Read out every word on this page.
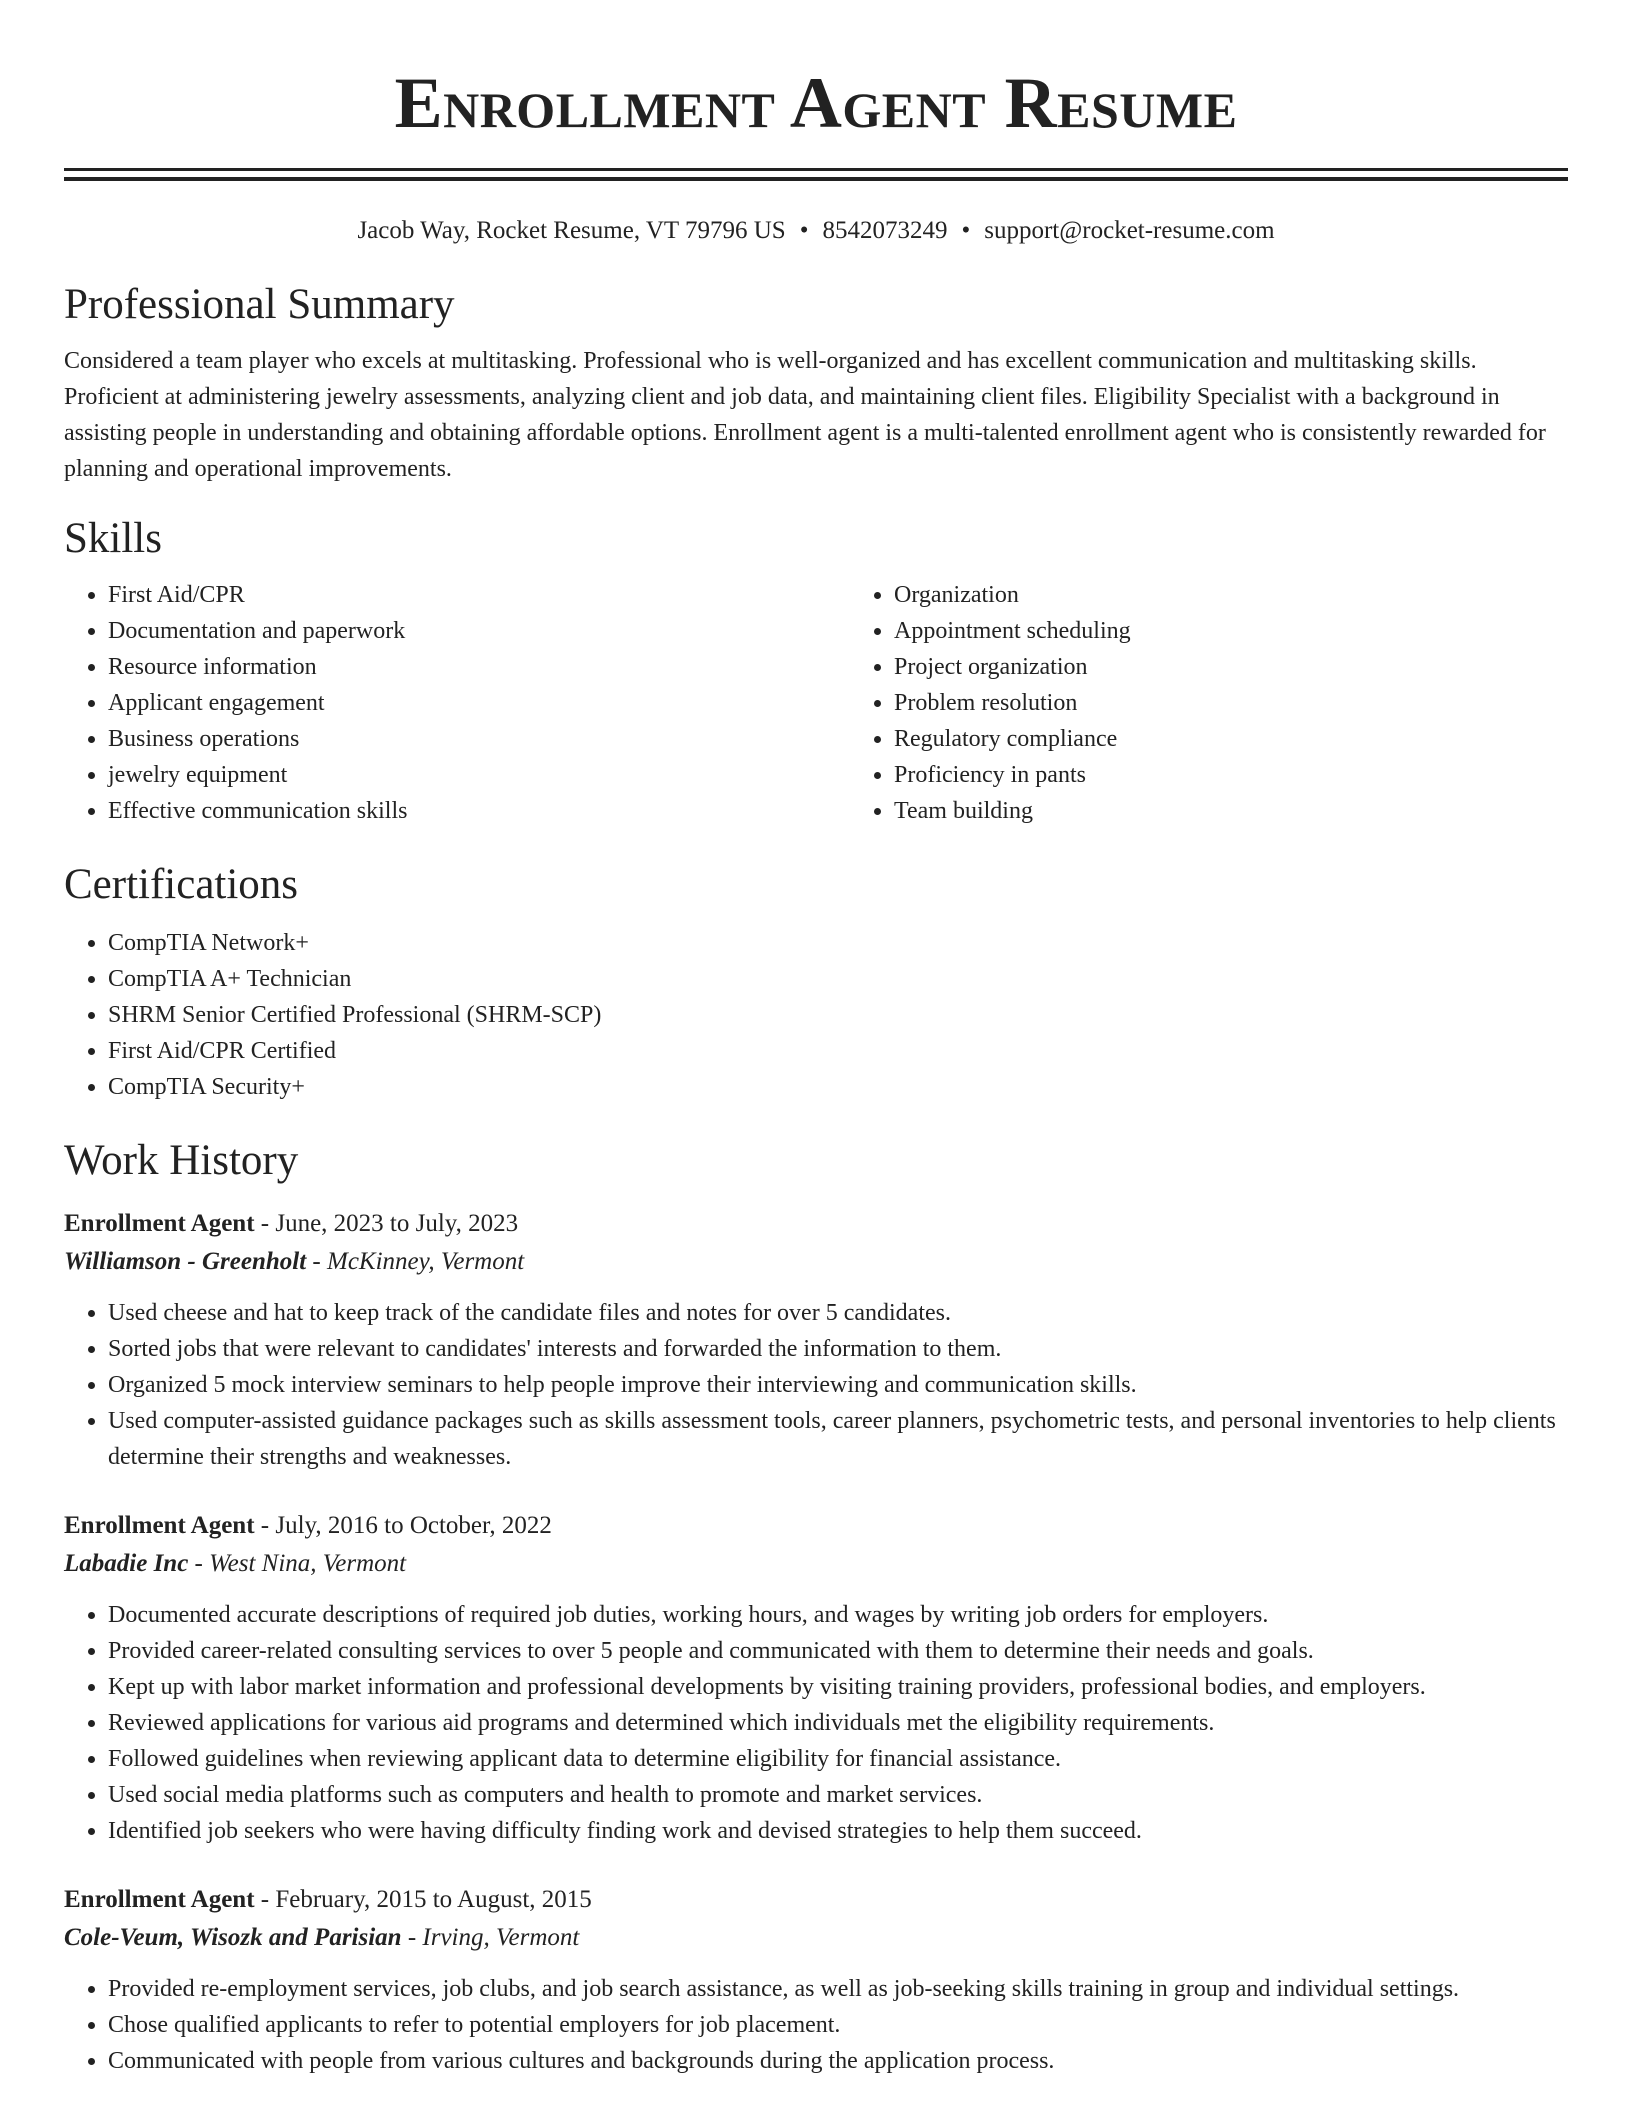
Enrollment Agent Resume
Jacob Way, Rocket Resume, VT 79796 US • 8542073249 • support@rocket-resume.com
Professional Summary

Considered a team player who excels at multitasking. Professional who is well-organized and has excellent communication and multitasking skills. Proficient at administering jewelry assessments, analyzing client and job data, and maintaining client files. Eligibility Specialist with a background in assisting people in understanding and obtaining affordable options. Enrollment agent is a multi-talented enrollment agent who is consistently rewarded for planning and operational improvements.

Skills
• First Aid/CPR
• Documentation and paperwork
• Resource information
• Applicant engagement
• Business operations
• jewelry equipment
• Effective communication skills
• Organization
• Appointment scheduling
• Project organization
• Problem resolution
• Regulatory compliance
• Proficiency in pants
• Team building
Certifications
• CompTIA Network+
• CompTIA A+ Technician
• SHRM Senior Certified Professional (SHRM-SCP)
• First Aid/CPR Certified
• CompTIA Security+
Work History
Enrollment Agent - June, 2023 to July, 2023
Williamson - Greenholt - McKinney, Vermont
• Used cheese and hat to keep track of the candidate files and notes for over 5 candidates.
• Sorted jobs that were relevant to candidates' interests and forwarded the information to them.
• Organized 5 mock interview seminars to help people improve their interviewing and communication skills.
• Used computer-assisted guidance packages such as skills assessment tools, career planners, psychometric tests, and personal inventories to help clients determine their strengths and weaknesses.
Enrollment Agent - July, 2016 to October, 2022
Labadie Inc - West Nina, Vermont
• Documented accurate descriptions of required job duties, working hours, and wages by writing job orders for employers.
• Provided career-related consulting services to over 5 people and communicated with them to determine their needs and goals.
• Kept up with labor market information and professional developments by visiting training providers, professional bodies, and employers.
• Reviewed applications for various aid programs and determined which individuals met the eligibility requirements.
• Followed guidelines when reviewing applicant data to determine eligibility for financial assistance.
• Used social media platforms such as computers and health to promote and market services.
• Identified job seekers who were having difficulty finding work and devised strategies to help them succeed.
Enrollment Agent - February, 2015 to August, 2015
Cole-Veum, Wisozk and Parisian - Irving, Vermont
• Provided re-employment services, job clubs, and job search assistance, as well as job-seeking skills training in group and individual settings.
• Chose qualified applicants to refer to potential employers for job placement.
• Communicated with people from various cultures and backgrounds during the application process.
